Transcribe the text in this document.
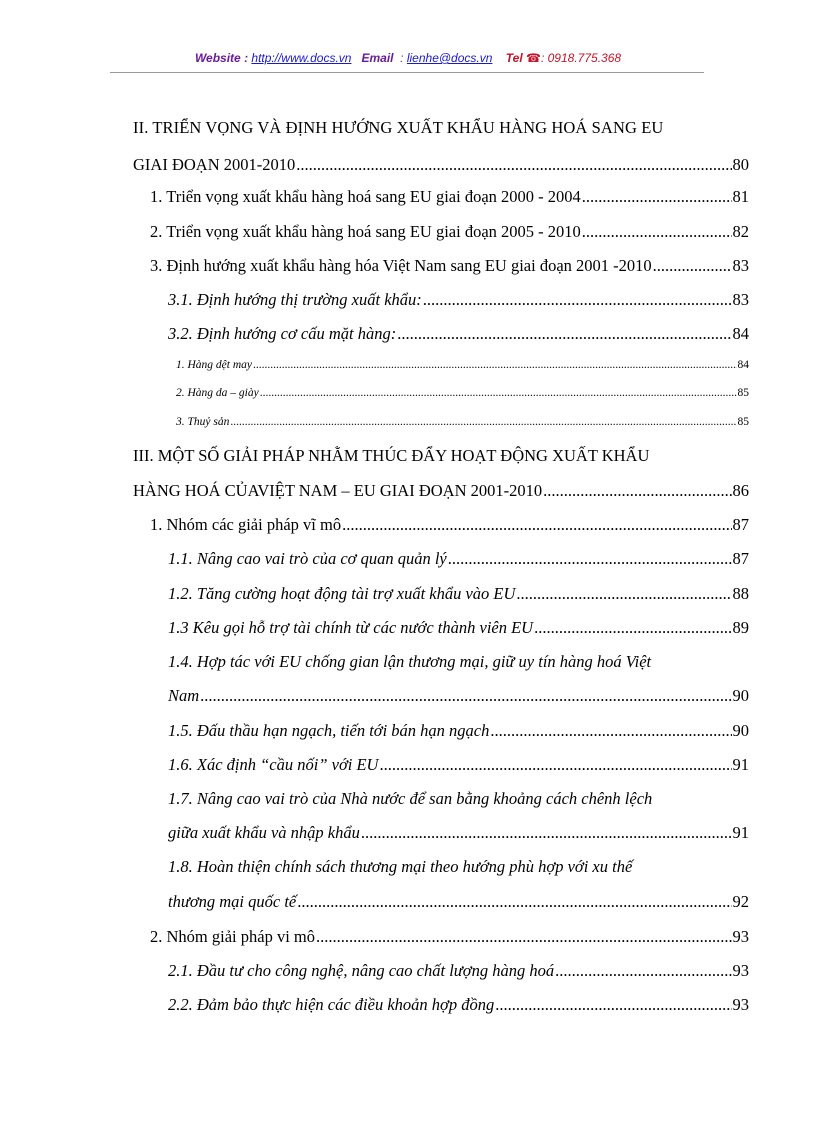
Website : http://www.docs.vn Email : lienhe@docs.vn Tel ☎: 0918.775.368
II. TRIỂN VỌNG VÀ ĐỊNH HƯỚNG XUẤT KHẨU HÀNG HOÁ SANG EU
GIAI ĐOẠN 2001-2010 .....	80
1. Triển vọng xuất khẩu hàng hoá sang EU giai đoạn 2000 - 2004 .....	81
2. Triển vọng xuất khẩu hàng hoá sang EU giai đoạn 2005 - 2010 .....	82
3. Định hướng xuất khẩu hàng hóa Việt Nam sang EU giai đoạn 2001 -2010 .....	83
3.1. Định hướng thị trường xuất khẩu: .....	83
3.2. Định hướng cơ cấu mặt hàng: .....	84
1. Hàng dệt may .....	84
2. Hàng da – giày .....	85
3. Thuỷ sản .....	85
III. MỘT SỐ GIẢI PHÁP NHẰM THÚC ĐẨY HOẠT ĐỘNG XUẤT KHẨU
HÀNG HOÁ CỦAVIỆT NAM – EU GIAI ĐOẠN 2001-2010 .....	86
1. Nhóm các giải pháp vĩ mô .....	87
1.1. Nâng cao vai trò của cơ quan quản lý .....	87
1.2. Tăng cường hoạt động tài trợ xuất khẩu vào EU .....	88
1.3 Kêu gọi hỗ trợ tài chính từ các nước thành viên EU .....	89
1.4. Hợp tác với EU chống gian lận thương mại, giữ uy tín hàng hoá Việt
Nam .....	90
1.5. Đấu thầu hạn ngạch, tiến tới bán hạn ngạch .....	90
1.6. Xác định “cầu nối” với EU .....	91
1.7. Nâng cao vai trò của Nhà nước để san bằng khoảng cách chênh lệch
giữa xuất khẩu và nhập khẩu .....	91
1.8. Hoàn thiện chính sách thương mại theo hướng phù hợp với xu thế
thương mại quốc tế .....	92
2. Nhóm giải pháp vi mô .....	93
2.1. Đầu tư cho công nghệ, nâng cao chất lượng hàng hoá .....	93
2.2. Đảm bảo thực hiện các điều khoản hợp đồng .....	93
